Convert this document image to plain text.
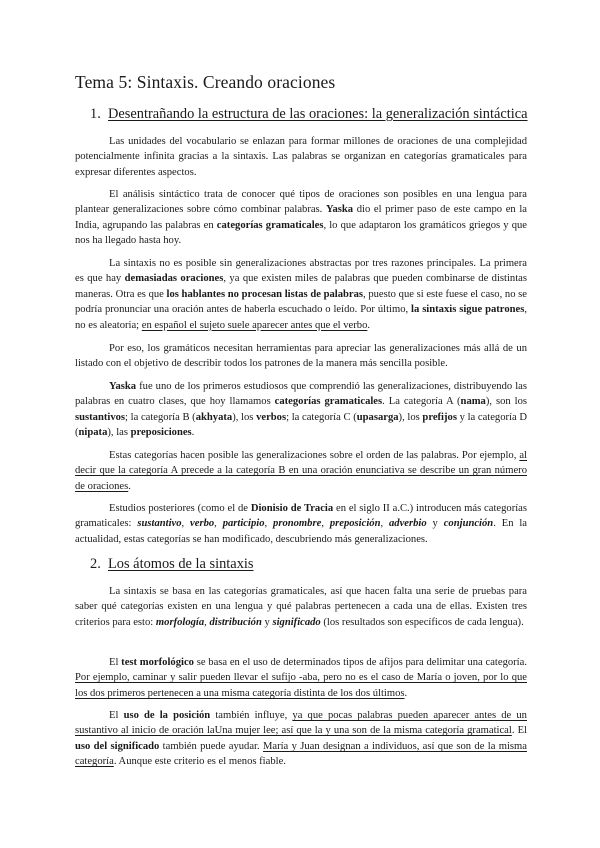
Tema 5: Sintaxis. Creando oraciones
1. Desentrañando la estructura de las oraciones: la generalización sintáctica

Las unidades del vocabulario se enlazan para formar millones de oraciones de una complejidad potencialmente infinita gracias a la sintaxis. Las palabras se organizan en categorías gramaticales para expresar diferentes aspectos.

El análisis sintáctico trata de conocer qué tipos de oraciones son posibles en una lengua para plantear generalizaciones sobre cómo combinar palabras. Yaska dio el primer paso de este campo en la India, agrupando las palabras en categorías gramaticales, lo que adaptaron los gramáticos griegos y que nos ha llegado hasta hoy.

La sintaxis no es posible sin generalizaciones abstractas por tres razones principales. La primera es que hay demasiadas oraciones, ya que existen miles de palabras que pueden combinarse de distintas maneras. Otra es que los hablantes no procesan listas de palabras, puesto que si este fuese el caso, no se podría pronunciar una oración antes de haberla escuchado o leído. Por último, la sintaxis sigue patrones, no es aleatoria; en español el sujeto suele aparecer antes que el verbo.

Por eso, los gramáticos necesitan herramientas para apreciar las generalizaciones más allá de un listado con el objetivo de describir todos los patrones de la manera más sencilla posible.

Yaska fue uno de los primeros estudiosos que comprendió las generalizaciones, distribuyendo las palabras en cuatro clases, que hoy llamamos categorías gramaticales. La categoría A (nama), son los sustantivos; la categoría B (akhyata), los verbos; la categoría C (upasarga), los prefijos y la categoría D (nipata), las preposiciones.

Estas categorías hacen posible las generalizaciones sobre el orden de las palabras. Por ejemplo, al decir que la categoría A precede a la categoría B en una oración enunciativa se describe un gran número de oraciones.

Estudios posteriores (como el de Dionisio de Tracia en el siglo II a.C.) introducen más categorías gramaticales: sustantivo, verbo, participio, pronombre, preposición, adverbio y conjunción. En la actualidad, estas categorías se han modificado, descubriendo más generalizaciones.

2. Los átomos de la sintaxis

La sintaxis se basa en las categorías gramaticales, así que hacen falta una serie de pruebas para saber qué categorías existen en una lengua y qué palabras pertenecen a cada una de ellas. Existen tres criterios para esto: morfología, distribución y significado (los resultados son específicos de cada lengua).

El test morfológico se basa en el uso de determinados tipos de afijos para delimitar una categoría. Por ejemplo, caminar y salir pueden llevar el sufijo -aba, pero no es el caso de María o joven, por lo que los dos primeros pertenecen a una misma categoría distinta de los dos últimos.

El uso de la posición también influye, ya que pocas palabras pueden aparecer antes de un sustantivo al inicio de oración laUna mujer lee; así que la y una son de la misma categoría gramatical. El uso del significado también puede ayudar. María y Juan designan a individuos, así que son de la misma categoría. Aunque este criterio es el menos fiable.
